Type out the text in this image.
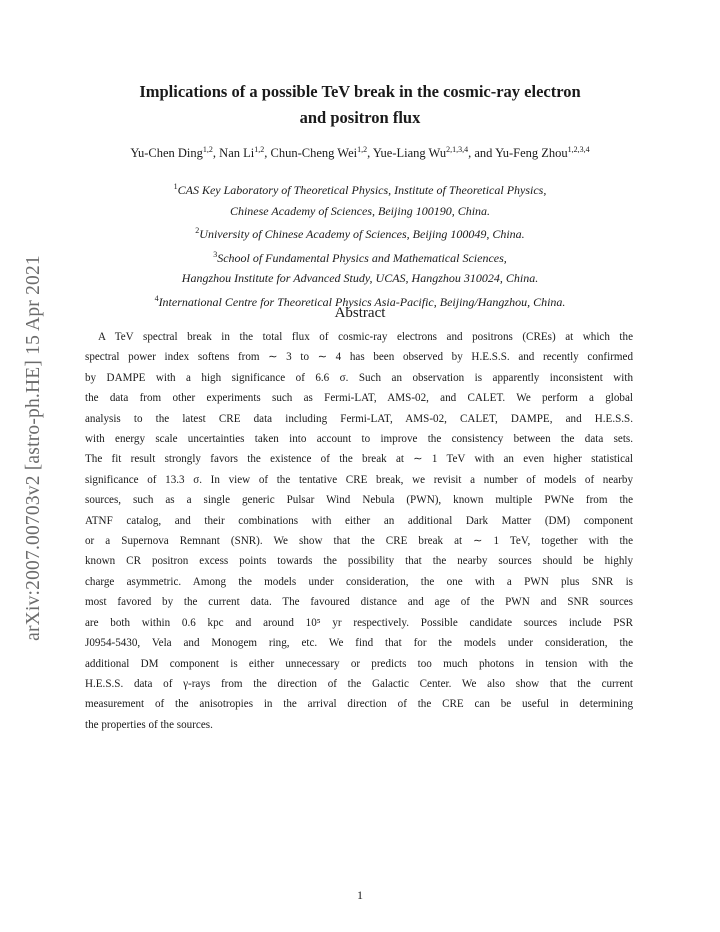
arXiv:2007.00703v2 [astro-ph.HE] 15 Apr 2021
Implications of a possible TeV break in the cosmic-ray electron
and positron flux
Yu-Chen Ding$^{1,2}$, Nan Li$^{1,2}$, Chun-Cheng Wei$^{1,2}$, Yue-Liang Wu$^{2,1,3,4}$, and Yu-Feng Zhou$^{1,2,3,4}$
$^1$CAS Key Laboratory of Theoretical Physics, Institute of Theoretical Physics,
Chinese Academy of Sciences, Beijing 100190, China.
$^2$University of Chinese Academy of Sciences, Beijing 100049, China.
$^3$School of Fundamental Physics and Mathematical Sciences,
Hangzhou Institute for Advanced Study, UCAS, Hangzhou 310024, China.
$^4$International Centre for Theoretical Physics Asia-Pacific, Beijing/Hangzhou, China.
Abstract
A TeV spectral break in the total flux of cosmic-ray electrons and positrons (CREs) at which the
spectral power index softens from ∼ 3 to ∼ 4 has been observed by H.E.S.S. and recently confirmed
by DAMPE with a high significance of 6.6 σ. Such an observation is apparently inconsistent with
the data from other experiments such as Fermi-LAT, AMS-02, and CALET. We perform a global
analysis to the latest CRE data including Fermi-LAT, AMS-02, CALET, DAMPE, and H.E.S.S.
with energy scale uncertainties taken into account to improve the consistency between the data sets.
The fit result strongly favors the existence of the break at ∼ 1 TeV with an even higher statistical
significance of 13.3 σ. In view of the tentative CRE break, we revisit a number of models of nearby
sources, such as a single generic Pulsar Wind Nebula (PWN), known multiple PWNe from the
ATNF catalog, and their combinations with either an additional Dark Matter (DM) component
or a Supernova Remnant (SNR). We show that the CRE break at ∼ 1 TeV, together with the
known CR positron excess points towards the possibility that the nearby sources should be highly
charge asymmetric. Among the models under consideration, the one with a PWN plus SNR is
most favored by the current data. The favoured distance and age of the PWN and SNR sources
are both within 0.6 kpc and around 10⁵ yr respectively. Possible candidate sources include PSR
J0954-5430, Vela and Monogem ring, etc. We find that for the models under consideration, the
additional DM component is either unnecessary or predicts too much photons in tension with the
H.E.S.S. data of γ-rays from the direction of the Galactic Center. We also show that the current
measurement of the anisotropies in the arrival direction of the CRE can be useful in determining
the properties of the sources.
1
